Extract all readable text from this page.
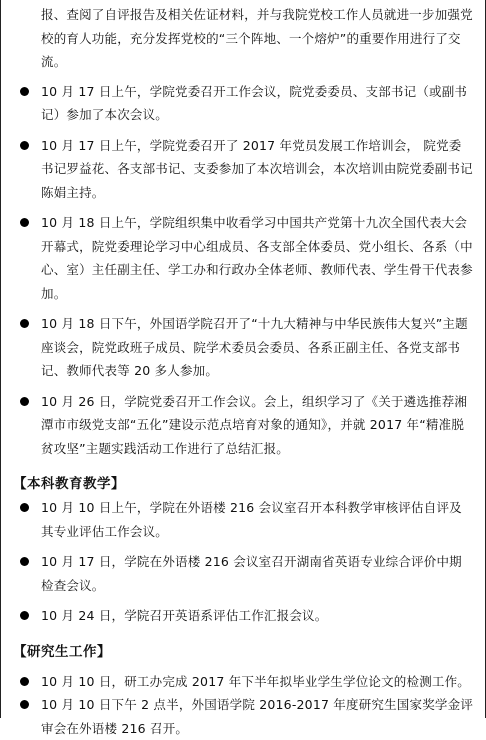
报、查阅了自评报告及相关佐证材料，并与我院党校工作人员就进一步加强党校的育人功能，充分发挥党校的“三个阵地、一个熔炉”的重要作用进行了交流。
10 月 17 日上午，学院党委召开工作会议，院党委委员、支部书记（或副书记）参加了本次会议。
10 月 17 日上午，学院党委召开了 2017 年党员发展工作培训会， 院党委书记罗益花、各支部书记、支委参加了本次培训会，本次培训由院党委副书记陈娟主持。
10 月 18 日上午，学院组织集中收看学习中国共产党第十九次全国代表大会开幕式，院党委理论学习中心组成员、各支部全体委员、党小组长、各系（中心、室）主任副主任、学工办和行政办全体老师、教师代表、学生骨干代表参加。
10 月 18 日下午，外国语学院召开了“十九大精神与中华民族伟大复兴”主题座谈会，院党政班子成员、院学术委员会委员、各系正副主任、各党支部书记、教师代表等 20 多人参加。
10 月 26 日，学院党委召开工作会议。会上，组织学习了《关于遴选推荐湘潭市市级党支部“五化”建设示范点培育对象的通知》，并就 2017 年“精准脱贫攻坚”主题实践活动工作进行了总结汇报。
【本科教育教学】
10 月 10 日上午，学院在外语楼 216 会议室召开本科教学审核评估自评及其专业评估工作会议。
10 月 17 日，学院在外语楼 216 会议室召开湖南省英语专业综合评价中期检查会议。
10 月 24 日，学院召开英语系评估工作汇报会议。
【研究生工作】
10 月 10 日，研工办完成 2017 年下半年拟毕业学生学位论文的检测工作。
10 月 10 日下午 2 点半，外国语学院 2016-2017 年度研究生国家奖学金评审会在外语楼 216 召开。
